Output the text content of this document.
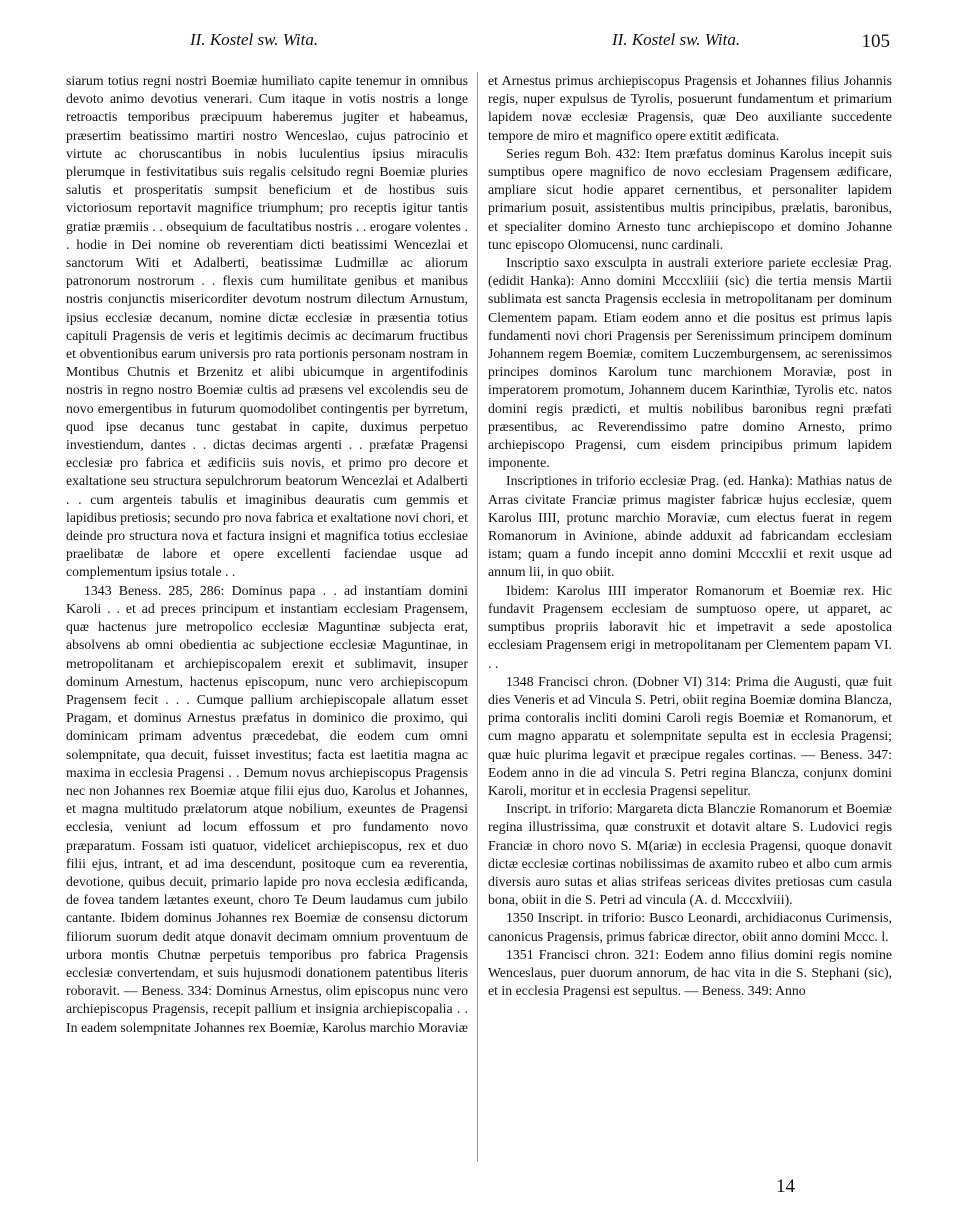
II. Kostel sw. Wita.	II. Kostel sw. Wita.	105

siarum totius regni nostri Boemiæ humiliato capite tenemur in omnibus devoto animo devotius venerari. Cum itaque in votis nostris a longe retroactis temporibus præcipuum haberemus jugiter et habeamus, præsertim beatissimo martiri nostro Wenceslao, cujus patrocinio et virtute ac choruscantibus in nobis luculentius ipsius miraculis plerumque in festivitatibus suis regalis celsitudo regni Boemiæ pluries salutis et prosperitatis sumpsit beneficium et de hostibus suis victoriosum reportavit magnifice triumphum; pro receptis igitur tantis gratiæ præmiis . . obsequium de facultatibus nostris . . erogare volentes . . hodie in Dei nomine ob reverentiam dicti beatissimi Wencezlai et sanctorum Witi et Adalberti, beatissimæ Ludmillæ ac aliorum patronorum nostrorum . . flexis cum humilitate genibus et manibus nostris conjunctis misericorditer devotum nostrum dilectum Arnustum, ipsius ecclesiæ decanum, nomine dictæ ecclesiæ in præsentia totius capituli Pragensis de veris et legitimis decimis ac decimarum fructibus et obventionibus earum universis pro rata portionis personam nostram in Montibus Chutnis et Brzenitz et alibi ubicumque in argentifodinis nostris in regno nostro Boemiæ cultis ad præsens vel excolendis seu de novo emergentibus in futurum quomodolibet contingentis per byrretum, quod ipse decanus tunc gestabat in capite, duximus perpetuo investiendum, dantes . . dictas decimas argenti . . præfatæ Pragensi ecclesiæ pro fabrica et ædificiis suis novis, et primo pro decore et exaltatione seu structura sepulchrorum beatorum Wencezlai et Adalberti . . cum argenteis tabulis et imaginibus deauratis cum gemmis et lapidibus pretiosis; secundo pro nova fabrica et exaltatione novi chori, et deinde pro structura nova et factura insigni et magnifica totius ecclesiae praelibatæ de labore et opere excellenti faciendae usque ad complementum ipsius totale . .

1343 Beness. 285, 286: Dominus papa . . ad instantiam domini Karoli . . et ad preces principum et instantiam ecclesiam Pragensem, quæ hactenus jure metropolico ecclesiæ Maguntinæ subjecta erat, absolvens ab omni obedientia ac subjectione ecclesiæ Maguntinae, in metropolitanam et archiepiscopalem erexit et sublimavit, insuper dominum Arnestum, hactenus episcopum, nunc vero archiepiscopum Pragensem fecit . . . Cumque pallium archiepiscopale allatum esset Pragam, et dominus Arnestus præfatus in dominico die proximo, qui dominicam primam adventus præcedebat, die eodem cum omni solempnitate, qua decuit, fuisset investitus; facta est laetitia magna ac maxima in ecclesia Pragensi . . Demum novus archiepiscopus Pragensis nec non Johannes rex Boemiæ atque filii ejus duo, Karolus et Johannes, et magna multitudo prælatorum atque nobilium, exeuntes de Pragensi ecclesia, veniunt ad locum effossum et pro fundamento novo præparatum. Fossam isti quatuor, videlicet archiepiscopus, rex et duo filii ejus, intrant, et ad ima descendunt, positoque cum ea reverentia, devotione, quibus decuit, primario lapide pro nova ecclesia ædificanda, de fovea tandem lætantes exeunt, choro Te Deum laudamus cum jubilo cantante. Ibidem dominus Johannes rex Boemiæ de consensu dictorum filiorum suorum dedit atque donavit decimam omnium proventuum de urbora montis Chutnæ perpetuis temporibus pro fabrica Pragensis ecclesiæ convertendam, et suis hujusmodi donationem patentibus literis roboravit. — Beness. 334: Dominus Arnestus, olim episcopus nunc vero archiepiscopus Pragensis, recepit pallium et insignia archiepiscopalia . . In eadem solempnitate Johannes rex Boemiæ, Karolus marchio Moraviæ

et Arnestus primus archiepiscopus Pragensis et Johannes filius Johannis regis, nuper expulsus de Tyrolis, posuerunt fundamentum et primarium lapidem novæ ecclesiæ Pragensis, quæ Deo auxiliante succedente tempore de miro et magnifico opere extitit ædificata.

Series regum Boh. 432: Item præfatus dominus Karolus incepit suis sumptibus opere magnifico de novo ecclesiam Pragensem ædificare, ampliare sicut hodie apparet cernentibus, et personaliter lapidem primarium posuit, assistentibus multis principibus, prælatis, baronibus, et specialiter domino Arnesto tunc archiepiscopo et domino Johanne tunc episcopo Olomucensi, nunc cardinali.

Inscriptio saxo exsculpta in australi exteriore pariete ecclesiæ Prag. (edidit Hanka): Anno domini Mcccxliiii (sic) die tertia mensis Martii sublimata est sancta Pragensis ecclesia in metropolitanam per dominum Clementem papam. Etiam eodem anno et die positus est primus lapis fundamenti novi chori Pragensis per Serenissimum principem dominum Johannem regem Boemiæ, comitem Luczemburgensem, ac serenissimos principes dominos Karolum tunc marchionem Moraviæ, post in imperatorem promotum, Johannem ducem Karinthiæ, Tyrolis etc. natos domini regis prædicti, et multis nobilibus baronibus regni præfati præsentibus, ac Reverendissimo patre domino Arnesto, primo archiepiscopo Pragensi, cum eisdem principibus primum lapidem imponente.

Inscriptiones in triforio ecclesiæ Prag. (ed. Hanka): Mathias natus de Arras civitate Franciæ primus magister fabricæ hujus ecclesiæ, quem Karolus IIII, protunc marchio Moraviæ, cum electus fuerat in regem Romanorum in Avinione, abinde adduxit ad fabricandam ecclesiam istam; quam a fundo incepit anno domini Mcccxlii et rexit usque ad annum lii, in quo obiit.

Ibidem: Karolus IIII imperator Romanorum et Boemiæ rex. Hic fundavit Pragensem ecclesiam de sumptuoso opere, ut apparet, ac sumptibus propriis laboravit hic et impetravit a sede apostolica ecclesiam Pragensem erigi in metropolitanam per Clementem papam VI. . .

1348 Francisci chron. (Dobner VI) 314: Prima die Augusti, quæ fuit dies Veneris et ad Vincula S. Petri, obiit regina Boemiæ domina Blancza, prima contoralis incliti domini Caroli regis Boemiæ et Romanorum, et cum magno apparatu et solempnitate sepulta est in ecclesia Pragensi; quæ huic plurima legavit et præcipue regales cortinas. — Beness. 347: Eodem anno in die ad vincula S. Petri regina Blancza, conjunx domini Karoli, moritur et in ecclesia Pragensi sepelitur.

Inscript. in triforio: Margareta dicta Blanczie Romanorum et Boemiæ regina illustrissima, quæ construxit et dotavit altare S. Ludovici regis Franciæ in choro novo S. M(ariæ) in ecclesia Pragensi, quoque donavit dictæ ecclesiæ cortinas nobilissimas de axamito rubeo et albo cum armis diversis auro sutas et alias strifeas sericeas divites pretiosas cum casula bona, obiit in die S. Petri ad vincula (A. d. Mcccxlviii).

1350 Inscript. in triforio: Busco Leonardi, archidiaconus Curimensis, canonicus Pragensis, primus fabricæ director, obiit anno domini Mccc. l.

1351 Francisci chron. 321: Eodem anno filius domini regis nomine Wenceslaus, puer duorum annorum, de hac vita in die S. Stephani (sic), et in ecclesia Pragensi est sepultus. — Beness. 349: Anno

14
